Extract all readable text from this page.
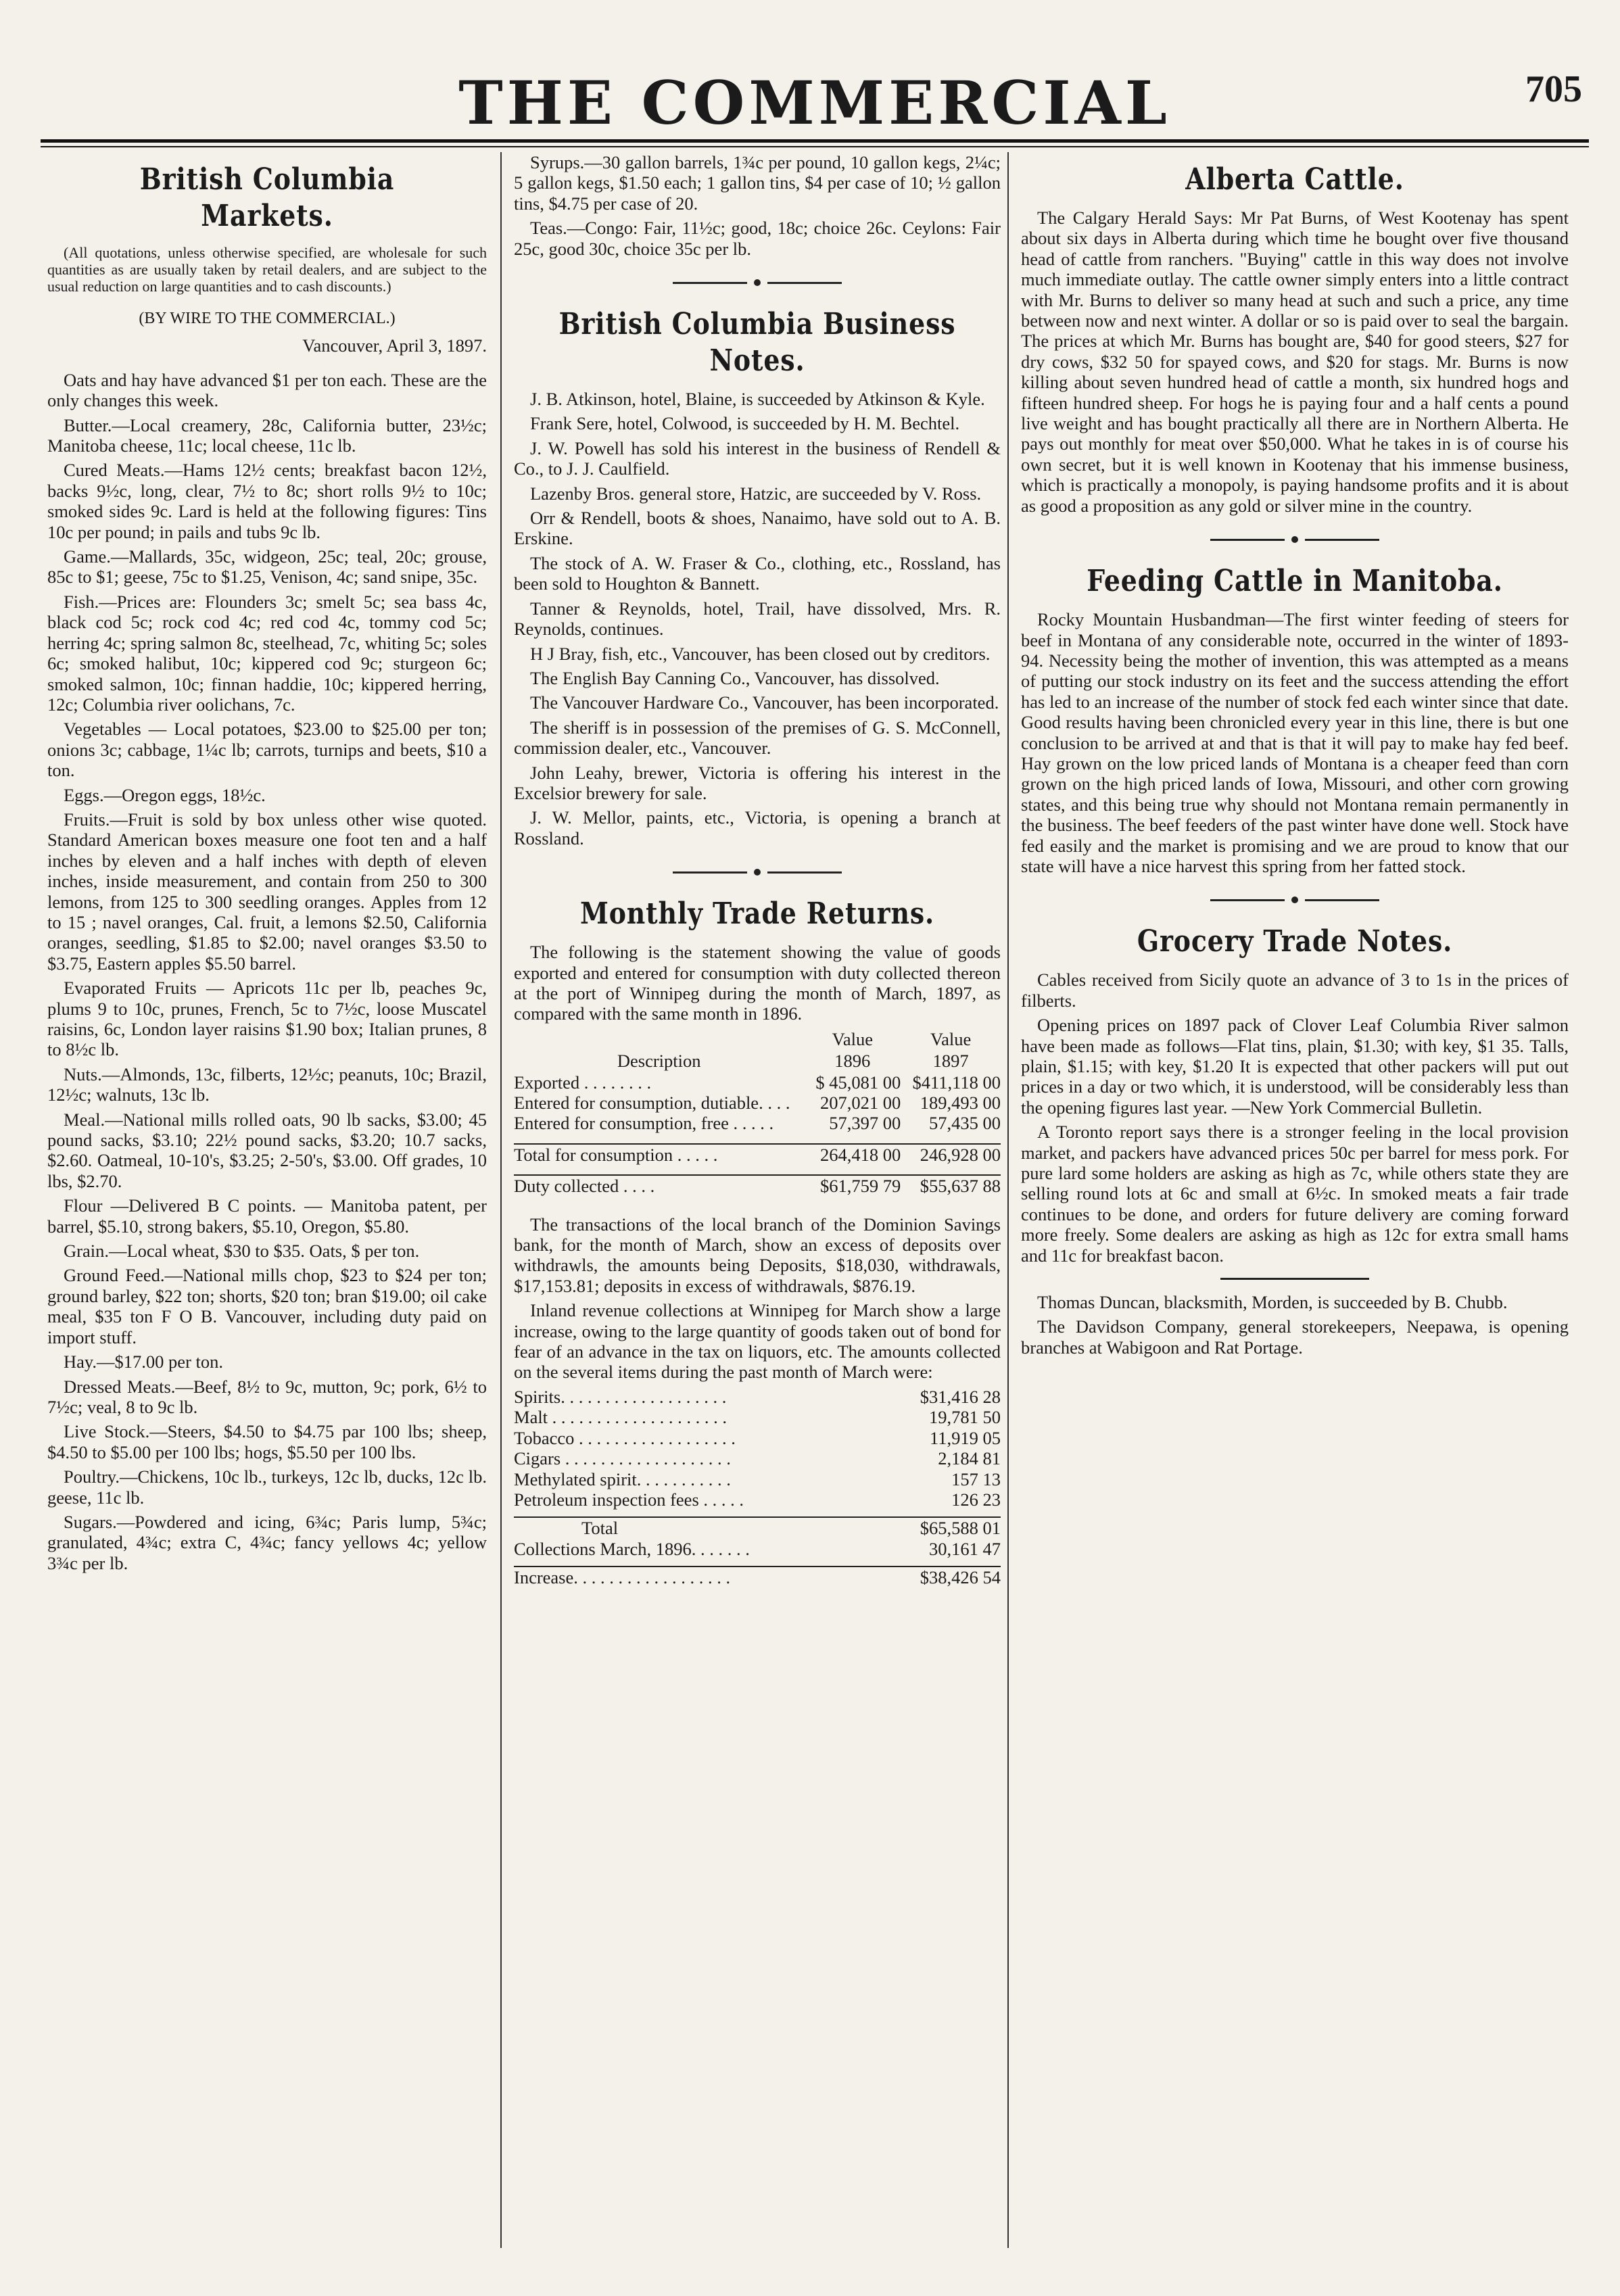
THE COMMERCIAL	705
British Columbia Markets.

(All quotations, unless otherwise specified, are wholesale for such quantities as are usually taken by retail dealers, and are subject to the usual reduction on large quantities and to cash discounts.)

(BY WIRE TO THE COMMERCIAL.)
Vancouver, April 3, 1897.

Oats and hay have advanced $1 per ton each. These are the only changes this week.

Butter.—Local creamery, 28c, California butter, 23½c; Manitoba cheese, 11c; local cheese, 11c lb.

Cured Meats.—Hams 12½ cents; breakfast bacon 12½, backs 9½c, long, clear, 7½ to 8c; short rolls 9½ to 10c; smoked sides 9c. Lard is held at the following figures: Tins 10c per pound; in pails and tubs 9c lb.

Game.—Mallards, 35c, widgeon, 25c; teal, 20c; grouse, 85c to $1; geese, 75c to $1.25, Venison, 4c; sand snipe, 35c.

Fish.—Prices are: Flounders 3c; smelt 5c; sea bass 4c, black cod 5c; rock cod 4c; red cod 4c, tommy cod 5c; herring 4c; spring salmon 8c, steelhead, 7c, whiting 5c; soles 6c; smoked halibut, 10c; kippered cod 9c; sturgeon 6c; smoked salmon, 10c; finnan haddie, 10c; kippered herring, 12c; Columbia river oolichans, 7c.

Vegetables — Local potatoes, $23.00 to $25.00 per ton; onions 3c; cabbage, 1¼c lb; carrots, turnips and beets, $10 a ton.

Eggs.—Oregon eggs, 18½c.

Fruits.—Fruit is sold by box unless other wise quoted. Standard American boxes measure one foot ten and a half inches by eleven and a half inches with depth of eleven inches, inside measurement, and contain from 250 to 300 lemons, from 125 to 300 seedling oranges. Apples from 12 to 15 ; navel oranges, Cal. fruit, a lemons $2.50, California oranges, seedling, $1.85 to $2.00; navel oranges $3.50 to $3.75, Eastern apples $5.50 barrel.

Evaporated Fruits — Apricots 11c per lb, peaches 9c, plums 9 to 10c, prunes, French, 5c to 7½c, loose Muscatel raisins, 6c, London layer raisins $1.90 box; Italian prunes, 8 to 8½c lb.

Nuts.—Almonds, 13c, filberts, 12½c; peanuts, 10c; Brazil, 12½c; walnuts, 13c lb.

Meal.—National mills rolled oats, 90 lb sacks, $3.00; 45 pound sacks, $3.10; 22½ pound sacks, $3.20; 10.7 sacks, $2.60. Oatmeal, 10-10's, $3.25; 2-50's, $3.00. Off grades, 10 lbs, $2.70.

Flour —Delivered B C points. — Manitoba patent, per barrel, $5.10, strong bakers, $5.10, Oregon, $5.80.

Grain.—Local wheat, $30 to $35. Oats, $ per ton.

Ground Feed.—National mills chop, $23 to $24 per ton; ground barley, $22 ton; shorts, $20 ton; bran $19.00; oil cake meal, $35 ton F O B. Vancouver, including duty paid on import stuff.

Hay.—$17.00 per ton.

Dressed Meats.—Beef, 8½ to 9c, mutton, 9c; pork, 6½ to 7½c; veal, 8 to 9c lb.

Live Stock.—Steers, $4.50 to $4.75 par 100 lbs; sheep, $4.50 to $5.00 per 100 lbs; hogs, $5.50 per 100 lbs.

Poultry.—Chickens, 10c lb., turkeys, 12c lb, ducks, 12c lb. geese, 11c lb.

Sugars.—Powdered and icing, 6¾c; Paris lump, 5¾c; granulated, 4¾c; extra C, 4¾c; fancy yellows 4c; yellow 3¾c per lb.

Syrups.—30 gallon barrels, 1¾c per pound, 10 gallon kegs, 2¼c; 5 gallon kegs, $1.50 each; 1 gallon tins, $4 per case of 10; ½ gallon tins, $4.75 per case of 20.

Teas.—Congo: Fair, 11½c; good, 18c; choice 26c. Ceylons: Fair 25c, good 30c, choice 35c per lb.

British Columbia Business Notes.

J. B. Atkinson, hotel, Blaine, is succeeded by Atkinson & Kyle.

Frank Sere, hotel, Colwood, is succeeded by H. M. Bechtel.

J. W. Powell has sold his interest in the business of Rendell & Co., to J. J. Caulfield.

Lazenby Bros. general store, Hatzic, are succeeded by V. Ross.

Orr & Rendell, boots & shoes, Nanaimo, have sold out to A. B. Erskine.

The stock of A. W. Fraser & Co., clothing, etc., Rossland, has been sold to Houghton & Bannett.

Tanner & Reynolds, hotel, Trail, have dissolved, Mrs. R. Reynolds, continues.

H J Bray, fish, etc., Vancouver, has been closed out by creditors.

The English Bay Canning Co., Vancouver, has dissolved.

The Vancouver Hardware Co., Vancouver, has been incorporated.

The sheriff is in possession of the premises of G. S. McConnell, commission dealer, etc., Vancouver.

John Leahy, brewer, Victoria is offering his interest in the Excelsior brewery for sale.

J. W. Mellor, paints, etc., Victoria, is opening a branch at Rossland.

Monthly Trade Returns.

The following is the statement showing the value of goods exported and entered for consumption with duty collected thereon at the port of Winnipeg during the month of March, 1897, as compared with the same month in 1896.

	Value	Value
Description	1896	1897
Exported . . . . . . . .	$ 45,081 00	$411,118 00
Entered for consumption, dutiable. . . .	207,021 00	189,493 00
Entered for consumption, free . . . . .	57,397 00	57,435 00

Total for consumption . . . . .	264,418 00	246,928 00

Duty collected . . . .	$61,759 79	$55,637 88

The transactions of the local branch of the Dominion Savings bank, for the month of March, show an excess of deposits over withdrawls, the amounts being Deposits, $18,030, withdrawals, $17,153.81; deposits in excess of withdrawals, $876.19.

Inland revenue collections at Winnipeg for March show a large increase, owing to the large quantity of goods taken out of bond for fear of an advance in the tax on liquors, etc. The amounts collected on the several items during the past month of March were:

Spirits. . . . . . . . . . . . . . . . . . .	$31,416 28
Malt . . . . . . . . . . . . . . . . . . . .	19,781 50
Tobacco . . . . . . . . . . . . . . . . . .	11,919 05
Cigars . . . . . . . . . . . . . . . . . . .	2,184 81
Methylated spirit. . . . . . . . . . .	157 13
Petroleum inspection fees . . . . .	126 23

Total	$65,588 01
Collections March, 1896. . . . . . .	30,161 47

Increase. . . . . . . . . . . . . . . . . .	$38,426 54
Alberta Cattle.

The Calgary Herald Says: Mr Pat Burns, of West Kootenay has spent about six days in Alberta during which time he bought over five thousand head of cattle from ranchers. "Buying" cattle in this way does not involve much immediate outlay. The cattle owner simply enters into a little contract with Mr. Burns to deliver so many head at such and such a price, any time between now and next winter. A dollar or so is paid over to seal the bargain. The prices at which Mr. Burns has bought are, $40 for good steers, $27 for dry cows, $32 50 for spayed cows, and $20 for stags. Mr. Burns is now killing about seven hundred head of cattle a month, six hundred hogs and fifteen hundred sheep. For hogs he is paying four and a half cents a pound live weight and has bought practically all there are in Northern Alberta. He pays out monthly for meat over $50,000. What he takes in is of course his own secret, but it is well known in Kootenay that his immense business, which is practically a monopoly, is paying handsome profits and it is about as good a proposition as any gold or silver mine in the country.

Feeding Cattle in Manitoba.

Rocky Mountain Husbandman—The first winter feeding of steers for beef in Montana of any considerable note, occurred in the winter of 1893-94. Necessity being the mother of invention, this was attempted as a means of putting our stock industry on its feet and the success attending the effort has led to an increase of the number of stock fed each winter since that date. Good results having been chronicled every year in this line, there is but one conclusion to be arrived at and that is that it will pay to make hay fed beef. Hay grown on the low priced lands of Montana is a cheaper feed than corn grown on the high priced lands of Iowa, Missouri, and other corn growing states, and this being true why should not Montana remain permanently in the business. The beef feeders of the past winter have done well. Stock have fed easily and the market is promising and we are proud to know that our state will have a nice harvest this spring from her fatted stock.

Grocery Trade Notes.

Cables received from Sicily quote an advance of 3 to 1s in the prices of filberts.

Opening prices on 1897 pack of Clover Leaf Columbia River salmon have been made as follows—Flat tins, plain, $1.30; with key, $1 35. Talls, plain, $1.15; with key, $1.20 It is expected that other packers will put out prices in a day or two which, it is understood, will be considerably less than the opening figures last year. —New York Commercial Bulletin.

A Toronto report says there is a stronger feeling in the local provision market, and packers have advanced prices 50c per barrel for mess pork. For pure lard some holders are asking as high as 7c, while others state they are selling round lots at 6c and small at 6½c. In smoked meats a fair trade continues to be done, and orders for future delivery are coming forward more freely. Some dealers are asking as high as 12c for extra small hams and 11c for breakfast bacon.

Thomas Duncan, blacksmith, Morden, is succeeded by B. Chubb.

The Davidson Company, general storekeepers, Neepawa, is opening branches at Wabigoon and Rat Portage.
